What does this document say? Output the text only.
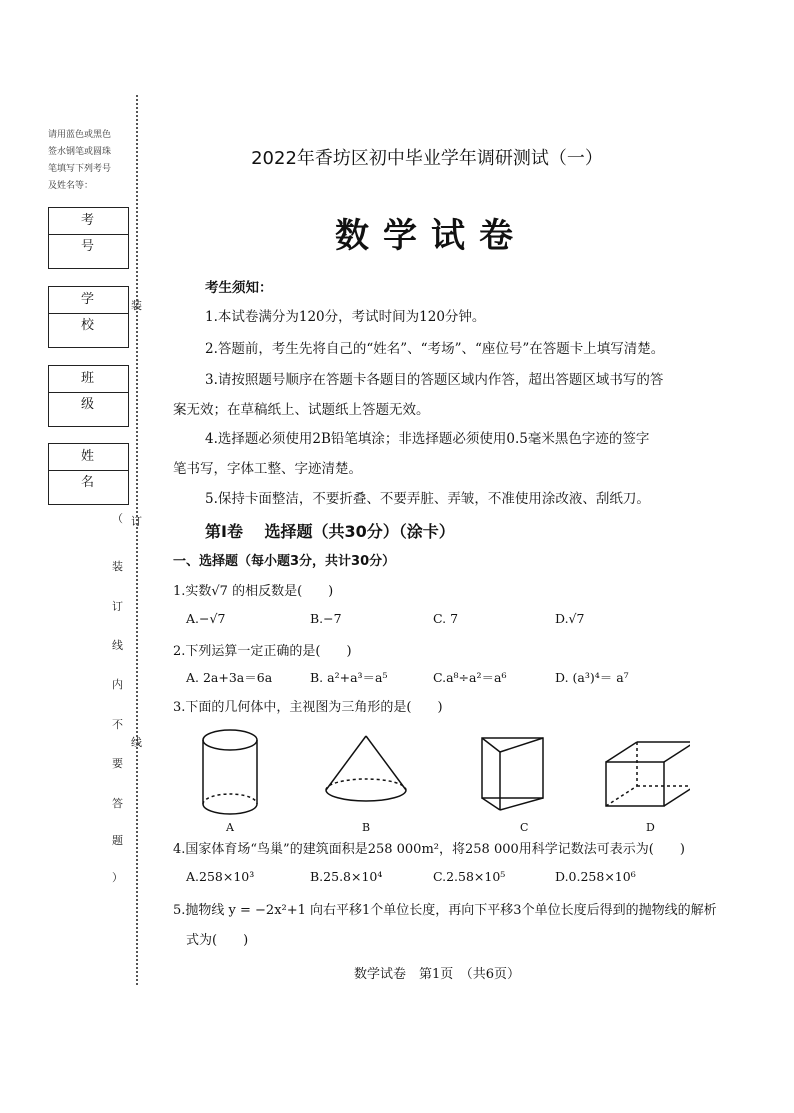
请用蓝色或黑色
签水钢笔或圆珠
笔填写下列考号
及姓名等：
考　号
学　校
班　级
姓　名
（
装
订
线
内
不
要
答
题
）
装
订
线
2022年香坊区初中毕业学年调研测试（一）
数学试卷
考生须知：
1.本试卷满分为120分，考试时间为120分钟。
2.答题前，考生先将自己的“姓名”、“考场”、“座位号”在答题卡上填写清楚。
3.请按照题号顺序在答题卡各题目的答题区域内作答，超出答题区域书写的答
案无效；在草稿纸上、试题纸上答题无效。
4.选择题必须使用2B铅笔填涂；非选择题必须使用0.5毫米黑色字迹的签字
笔书写，字体工整、字迹清楚。
5.保持卡面整洁，不要折叠、不要弄脏、弄皱，不准使用涂改液、刮纸刀。
第Ⅰ卷　 选择题（共30分）（涂卡）
一、选择题（每小题3分，共计30分）
1.实数√7 的相反数是(　　)
A.−√7	B.−7	C. 7	D.√7
2.下列运算一定正确的是(　　)
A. 2a+3a＝6a	B. a²+a³＝a⁵	C.a⁸÷a²＝a⁶	D. (a³)⁴＝ a⁷
3.下面的几何体中，主视图为三角形的是(　　)
A	B	C	D
4.国家体育场“鸟巢”的建筑面积是258 000m²，将258 000用科学记数法可表示为(　　)
A.258×10³	B.25.8×10⁴	C.2.58×10⁵	D.0.258×10⁶
5.抛物线 y = −2x²+1 向右平移1个单位长度，再向下平移3个单位长度后得到的抛物线的解析
式为(　　)
数学试卷　第1页　（共6页）
